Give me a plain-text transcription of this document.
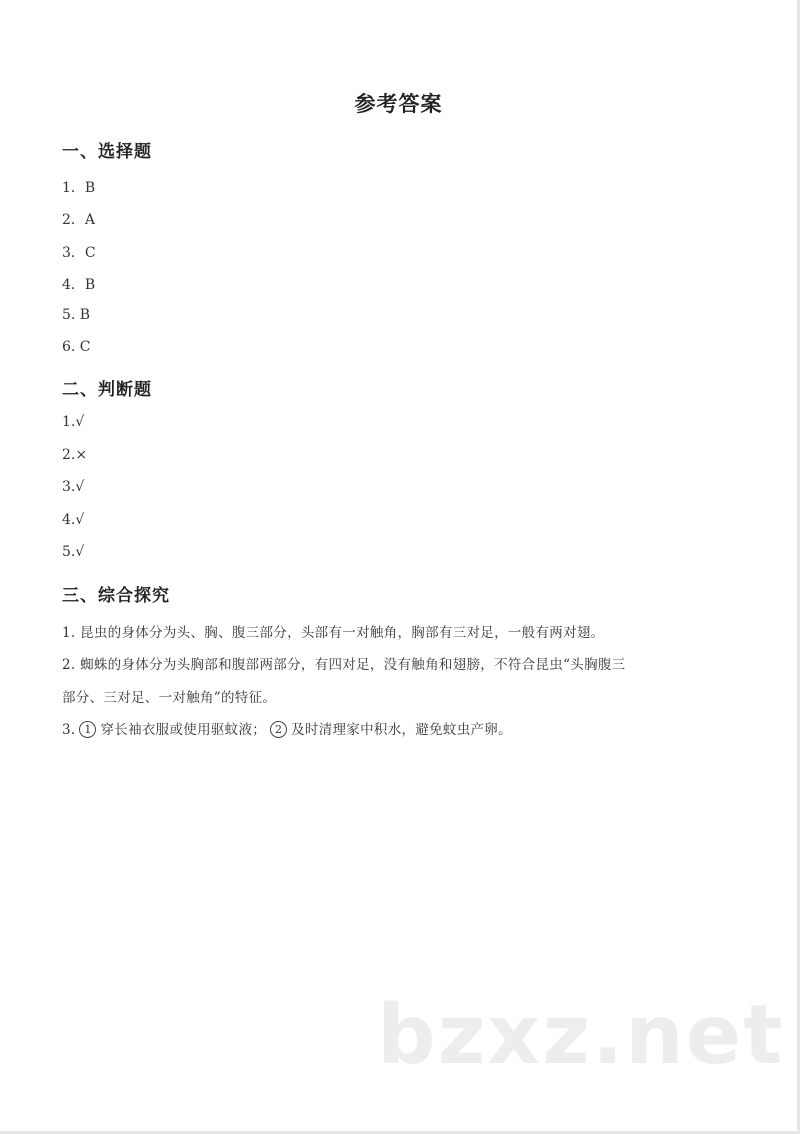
参考答案
一、选择题
1．B
2．A
3．C
4．B
5. B
6. C
二、判断题
1.√
2.×
3.√
4.√
5.√
三、综合探究
1. 昆虫的身体分为头、胸、腹三部分，头部有一对触角，胸部有三对足，一般有两对翅。
2. 蜘蛛的身体分为头胸部和腹部两部分，有四对足，没有触角和翅膀，不符合昆虫“头胸腹三
部分、三对足、一对触角”的特征。
3. 1 穿长袖衣服或使用驱蚊液； 2 及时清理家中积水，避免蚊虫产卵。
bzxz.net
